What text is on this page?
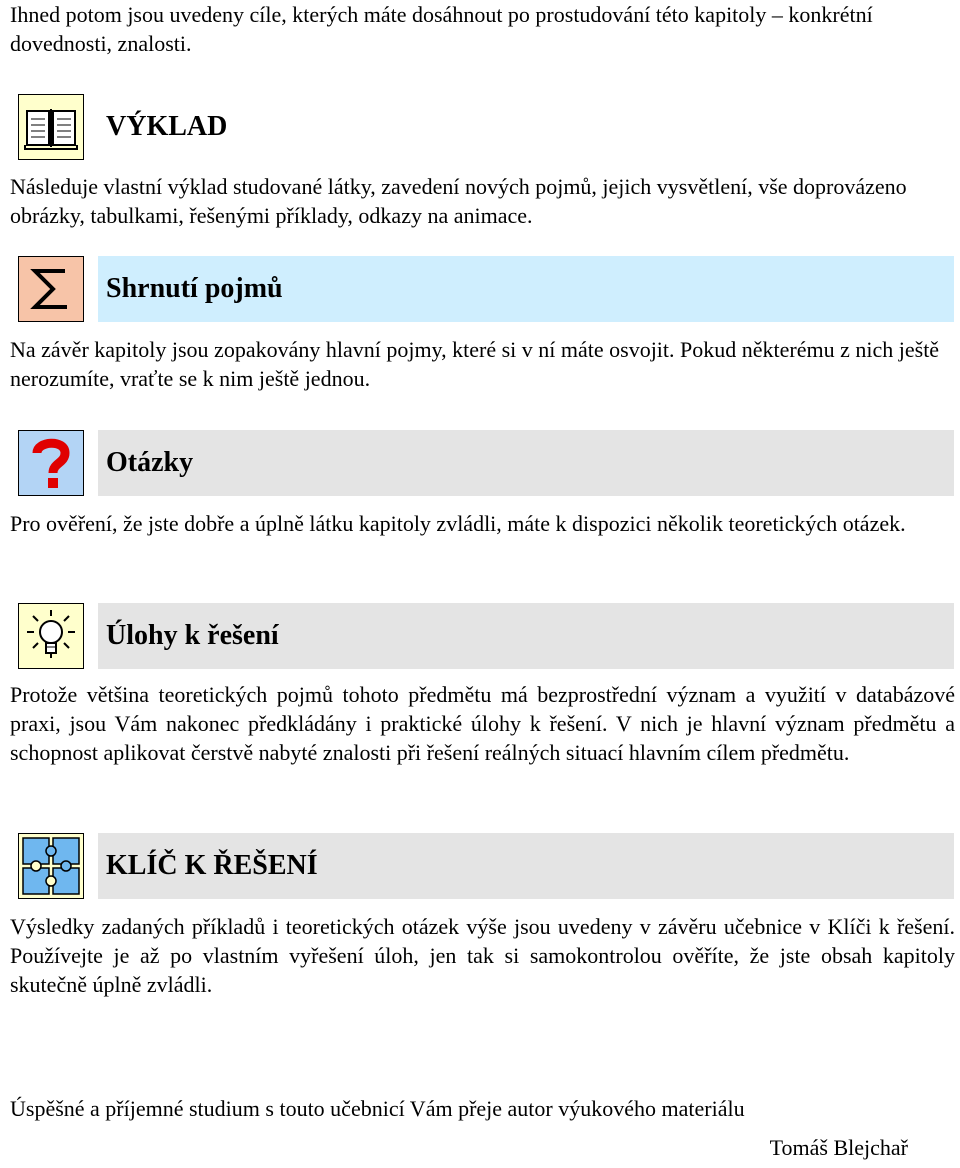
Ihned potom jsou uvedeny cíle, kterých máte dosáhnout po prostudování této kapitoly – konkrétní dovednosti, znalosti.

VÝKLAD

Následuje vlastní výklad studované látky, zavedení nových pojmů, jejich vysvětlení, vše doprovázeno obrázky, tabulkami, řešenými příklady, odkazy na animace.

Shrnutí pojmů

Na závěr kapitoly jsou zopakovány hlavní pojmy, které si v ní máte osvojit. Pokud některému z nich ještě nerozumíte, vraťte se k nim ještě jednou.

Otázky

Pro ověření, že jste dobře a úplně látku kapitoly zvládli, máte k dispozici několik teoretických otázek.

Úlohy k řešení

Protože většina teoretických pojmů tohoto předmětu má bezprostřední význam a využití v databázové praxi, jsou Vám nakonec předkládány i praktické úlohy k řešení. V nich je hlavní význam předmětu a schopnost aplikovat čerstvě nabyté znalosti při řešení reálných situací hlavním cílem předmětu.

KLÍČ K ŘEŠENÍ

Výsledky zadaných příkladů i teoretických otázek výše jsou uvedeny v závěru učebnice v Klíči k řešení. Používejte je až po vlastním vyřešení úloh, jen tak si samokontrolou ověříte, že jste obsah kapitoly skutečně úplně zvládli.

Úspěšné a příjemné studium s touto učebnicí Vám přeje autor výukového materiálu

Tomáš Blejchař
